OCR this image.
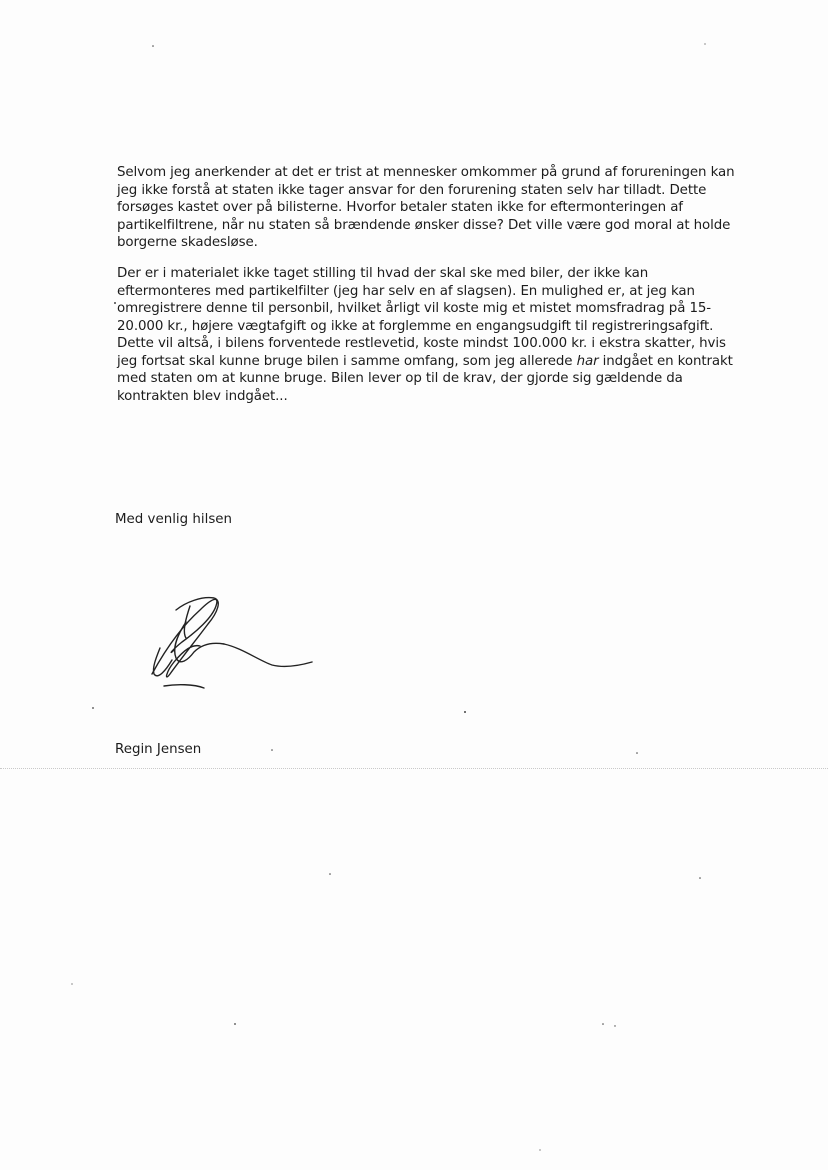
Selvom jeg anerkender at det er trist at mennesker omkommer på grund af forureningen kan
jeg ikke forstå at staten ikke tager ansvar for den forurening staten selv har tilladt. Dette
forsøges kastet over på bilisterne. Hvorfor betaler staten ikke for eftermonteringen af
partikelfiltrene, når nu staten så brændende ønsker disse? Det ville være god moral at holde
borgerne skadesløse.
Der er i materialet ikke taget stilling til hvad der skal ske med biler, der ikke kan
eftermonteres med partikelfilter (jeg har selv en af slagsen). En mulighed er, at jeg kan
omregistrere denne til personbil, hvilket årligt vil koste mig et mistet momsfradrag på 15-
20.000 kr., højere vægtafgift og ikke at forglemme en engangsudgift til registreringsafgift.
Dette vil altså, i bilens forventede restlevetid, koste mindst 100.000 kr. i ekstra skatter, hvis
jeg fortsat skal kunne bruge bilen i samme omfang, som jeg allerede har indgået en kontrakt
med staten om at kunne bruge. Bilen lever op til de krav, der gjorde sig gældende da
kontrakten blev indgået...
Med venlig hilsen
Regin Jensen
